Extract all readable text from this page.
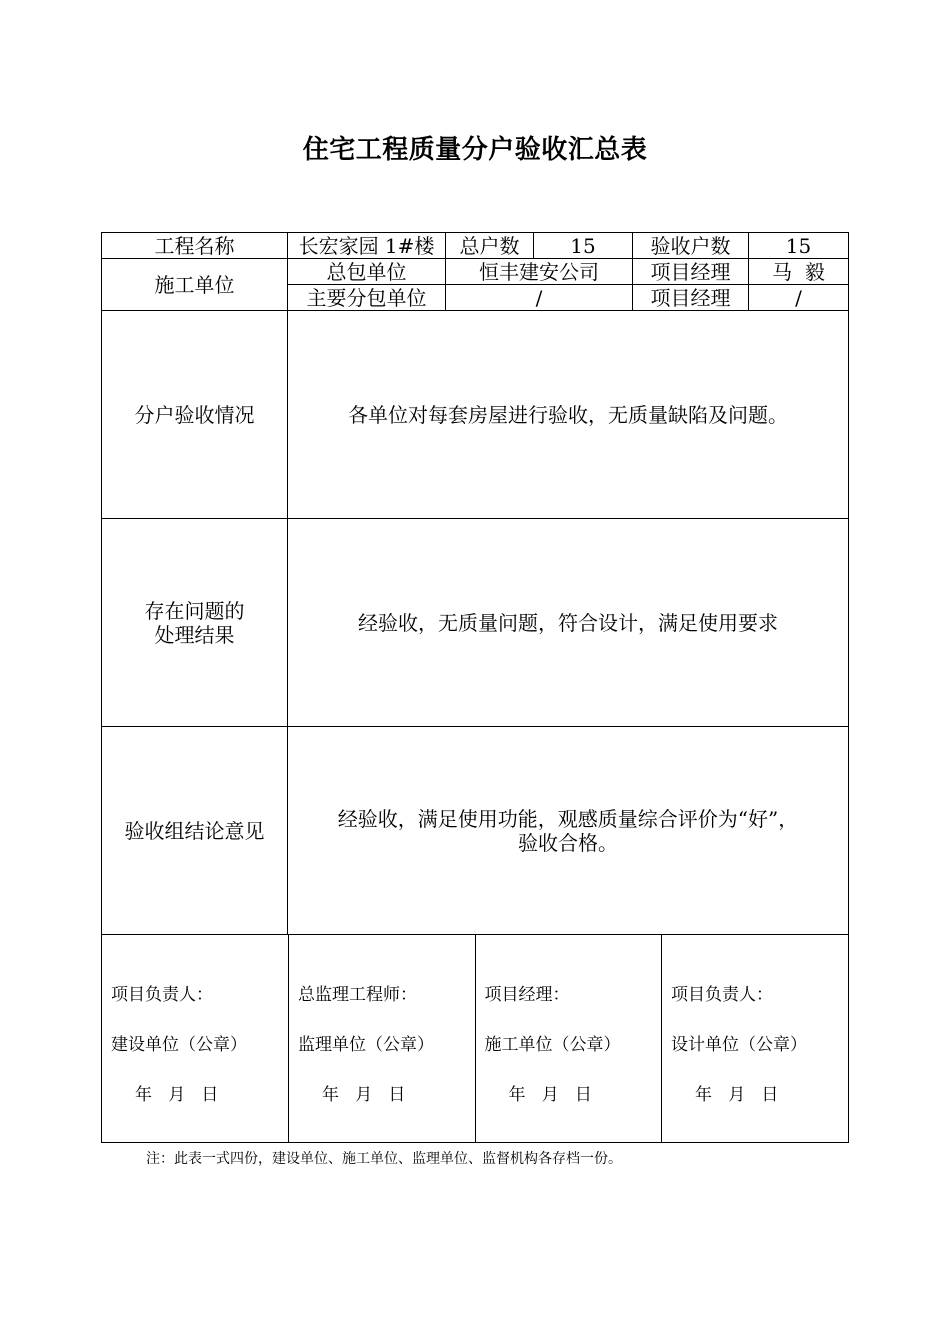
住宅工程质量分户验收汇总表
工程名称	长宏家园 1#楼	总户数	15	验收户数	15
施工单位	总包单位	恒丰建安公司	项目经理	马  毅
主要分包单位	/	项目经理	/
分户验收情况	各单位对每套房屋进行验收，无质量缺陷及问题。

存在问题的
处理结果	经验收，无质量问题，符合设计，满足使用要求
验收组结论意见	经验收，满足使用功能，观感质量综合评价为“好”，
验收合格。

项目负责人：
建设单位（公章）
年   月   日

总监理工程师：
监理单位（公章）
年   月   日

项目经理：
施工单位（公章）
年   月   日

项目负责人：
设计单位（公章）
年   月   日
注：此表一式四份，建设单位、施工单位、监理单位、监督机构各存档一份。
